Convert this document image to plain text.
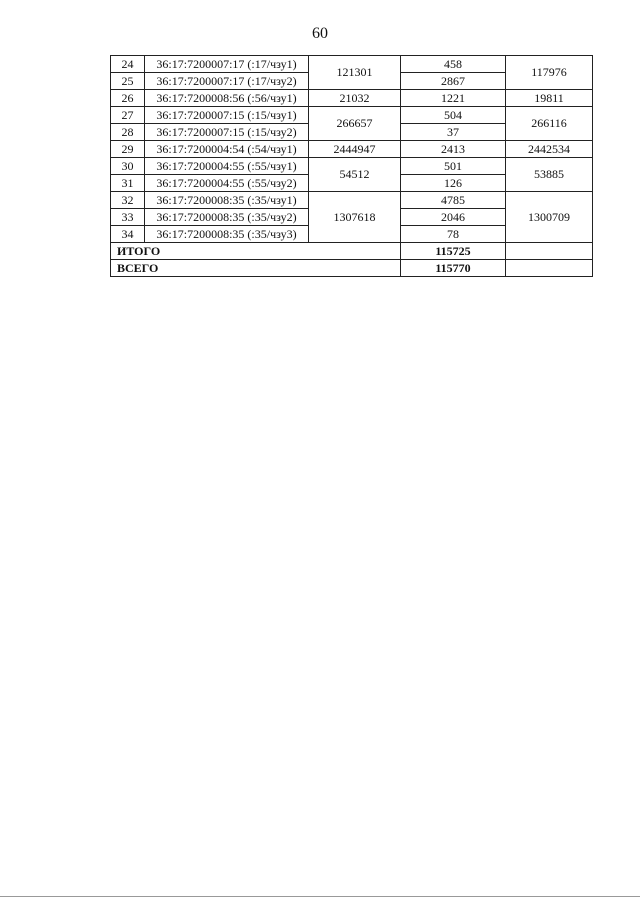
60
24	36:17:7200007:17 (:17/чзу1)	121301	458	117976
25	36:17:7200007:17 (:17/чзу2)		2867	
26	36:17:7200008:56 (:56/чзу1)	21032	1221	19811
27	36:17:7200007:15 (:15/чзу1)	266657	504	266116
28	36:17:7200007:15 (:15/чзу2)		37	
29	36:17:7200004:54 (:54/чзу1)	2444947	2413	2442534
30	36:17:7200004:55 (:55/чзу1)	54512	501	53885
31	36:17:7200004:55 (:55/чзу2)		126	
32	36:17:7200008:35 (:35/чзу1)	1307618	4785	1300709
33	36:17:7200008:35 (:35/чзу2)		2046	
34	36:17:7200008:35 (:35/чзу3)		78	
ИТОГО			115725	
ВСЕГО			115770	
